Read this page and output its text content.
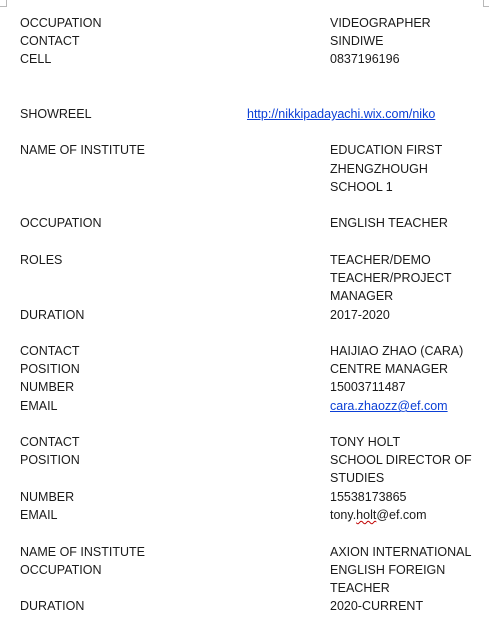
OCCUPATION	VIDEOGRAPHER
CONTACT	SINDIWE
CELL	0837196196
SHOWREEL	http://nikkipadayachi.wix.com/niko
NAME OF INSTITUTE	EDUCATION FIRST
ZHENGZHOUGH
SCHOOL 1
OCCUPATION	ENGLISH TEACHER
ROLES	TEACHER/DEMO
TEACHER/PROJECT
MANAGER
DURATION	2017-2020
CONTACT	HAIJIAO ZHAO (CARA)
POSITION	CENTRE MANAGER
NUMBER	15003711487
EMAIL	cara.zhaozz@ef.com
CONTACT	TONY HOLT
POSITION	SCHOOL DIRECTOR OF
STUDIES
NUMBER	15538173865
EMAIL	tony.holt@ef.com
NAME OF INSTITUTE	AXION INTERNATIONAL
OCCUPATION	ENGLISH FOREIGN
TEACHER
DURATION	2020-CURRENT
